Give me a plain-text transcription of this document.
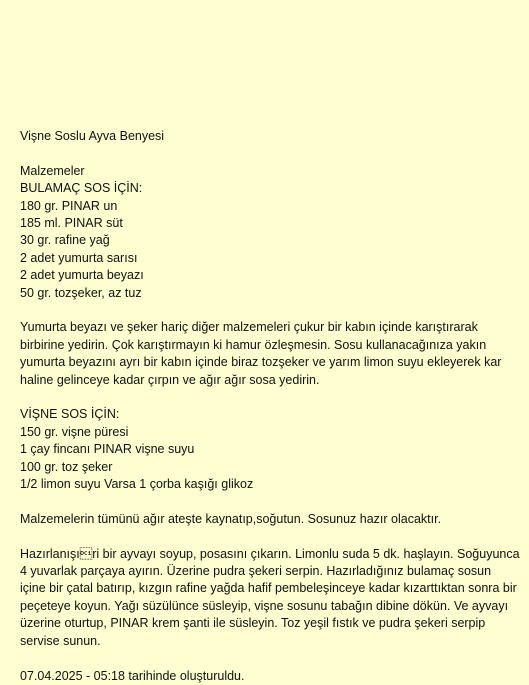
Vişne Soslu Ayva Benyesi
Malzemeler
BULAMAÇ SOS İÇİN:
180 gr. PINAR un
185 ml. PINAR süt
30 gr. rafine yağ
2 adet yumurta sarısı
2 adet yumurta beyazı
50 gr. tozşeker, az tuz
Yumurta beyazı ve şeker hariç diğer malzemeleri çukur bir kabın içinde karıştırarak birbirine yedirin. Çok karıştırmayın ki hamur özleşmesin. Sosu kullanacağınıza yakın yumurta beyazını ayrı bir kabın içinde biraz tozşeker ve yarım limon suyu ekleyerek kar haline gelinceye kadar çırpın ve ağır ağır sosa yedirin.
VİŞNE SOS İÇİN:
150 gr. vişne püresi
1 çay fincanı PINAR vişne suyu
100 gr. toz şeker
1/2 limon suyu Varsa 1 çorba kaşığı glikoz
Malzemelerin tümünü ağır ateşte kaynatıp,soğutun. Sosunuz hazır olacaktır.
Hazırlanışıri bir ayvayı soyup, posasını çıkarın. Limonlu suda 5 dk. haşlayın. Soğuyunca 4 yuvarlak parçaya ayırın. Üzerine pudra şekeri serpin. Hazırladığınız bulamaç sosun içine bir çatal batırıp, kızgın rafine yağda hafif pembeleşinceye kadar kızarttıktan sonra bir peçeteye koyun. Yağı süzülünce süsleyip, vişne sosunu tabağın dibine dökün. Ve ayvayı üzerine oturtup, PINAR krem şanti ile süsleyin. Toz yeşil fıstık ve pudra şekeri serpip servise sunun.
07.04.2025 - 05:18 tarihinde oluşturuldu.
